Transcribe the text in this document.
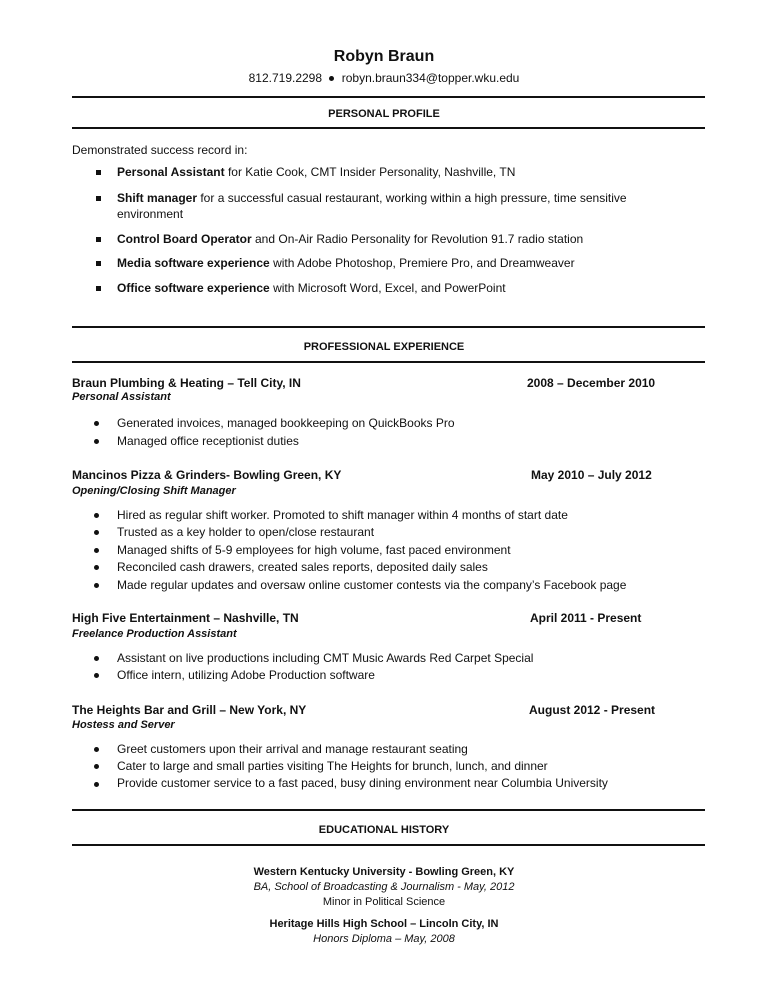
Robyn Braun
812.719.2298 robyn.braun334@topper.wku.edu
PERSONAL PROFILE
Demonstrated success record in:
Personal Assistant for Katie Cook, CMT Insider Personality, Nashville, TN
Shift manager for a successful casual restaurant, working within a high pressure, time sensitive
environment
Control Board Operator and On-Air Radio Personality for Revolution 91.7 radio station
Media software experience with Adobe Photoshop, Premiere Pro, and Dreamweaver
Office software experience with Microsoft Word, Excel, and PowerPoint
PROFESSIONAL EXPERIENCE
Braun Plumbing & Heating – Tell City, IN	2008 – December 2010
Personal Assistant
Generated invoices, managed bookkeeping on QuickBooks Pro
Managed office receptionist duties
Mancinos Pizza & Grinders- Bowling Green, KY	May 2010 – July 2012
Opening/Closing Shift Manager
Hired as regular shift worker. Promoted to shift manager within 4 months of start date
Trusted as a key holder to open/close restaurant
Managed shifts of 5-9 employees for high volume, fast paced environment
Reconciled cash drawers, created sales reports, deposited daily sales
Made regular updates and oversaw online customer contests via the company’s Facebook page
High Five Entertainment – Nashville, TN	April 2011 - Present
Freelance Production Assistant
Assistant on live productions including CMT Music Awards Red Carpet Special
Office intern, utilizing Adobe Production software
The Heights Bar and Grill – New York, NY	August 2012 - Present
Hostess and Server
Greet customers upon their arrival and manage restaurant seating
Cater to large and small parties visiting The Heights for brunch, lunch, and dinner
Provide customer service to a fast paced, busy dining environment near Columbia University
EDUCATIONAL HISTORY
Western Kentucky University - Bowling Green, KY
BA, School of Broadcasting & Journalism - May, 2012
Minor in Political Science
Heritage Hills High School – Lincoln City, IN
Honors Diploma – May, 2008
